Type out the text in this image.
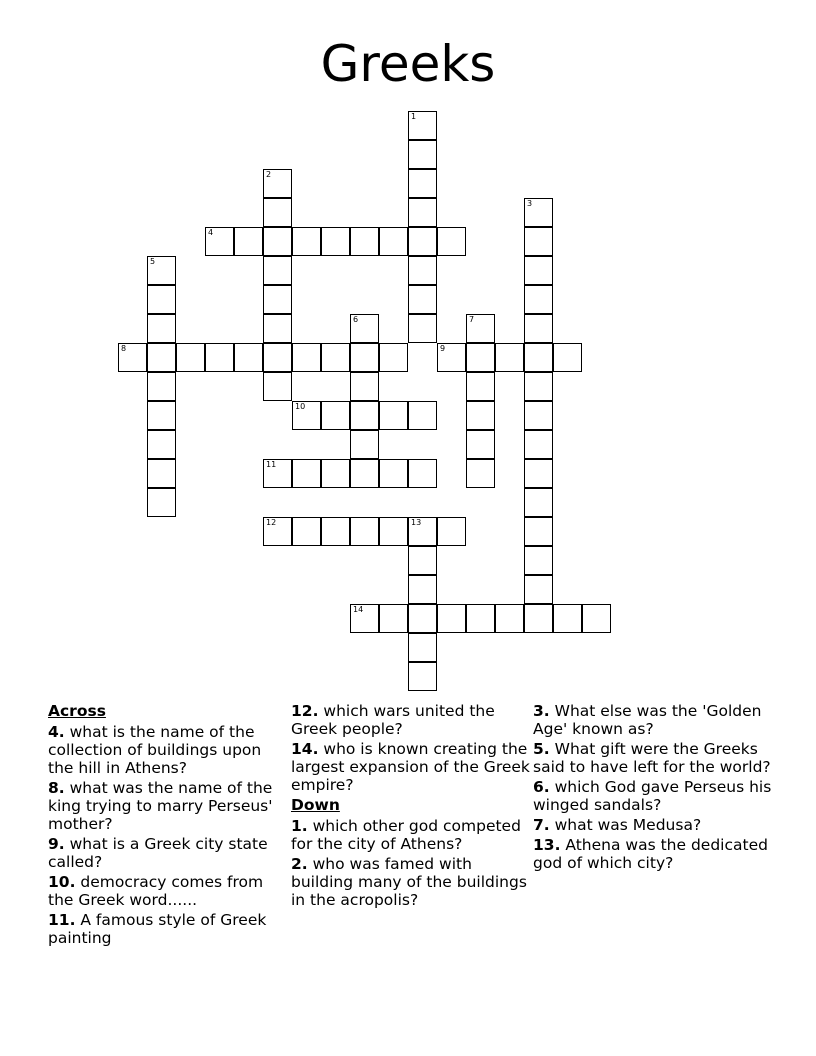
Greeks
1
2
3
4
5
6	7
8	9
10
11
12	13
14
Across
4. what is the name of the collection of buildings upon the hill in Athens?
8. what was the name of the king trying to marry Perseus' mother?
9. what is a Greek city state called?
10. democracy comes from the Greek word......
11. A famous style of Greek painting
12. which wars united the Greek people?
14. who is known creating the largest expansion of the Greek empire?
Down
1. which other god competed for the city of Athens?
2. who was famed with building many of the buildings in the acropolis?
3. What else was the 'Golden Age' known as?
5. What gift were the Greeks said to have left for the world?
6. which God gave Perseus his winged sandals?
7. what was Medusa?
13. Athena was the dedicated god of which city?
